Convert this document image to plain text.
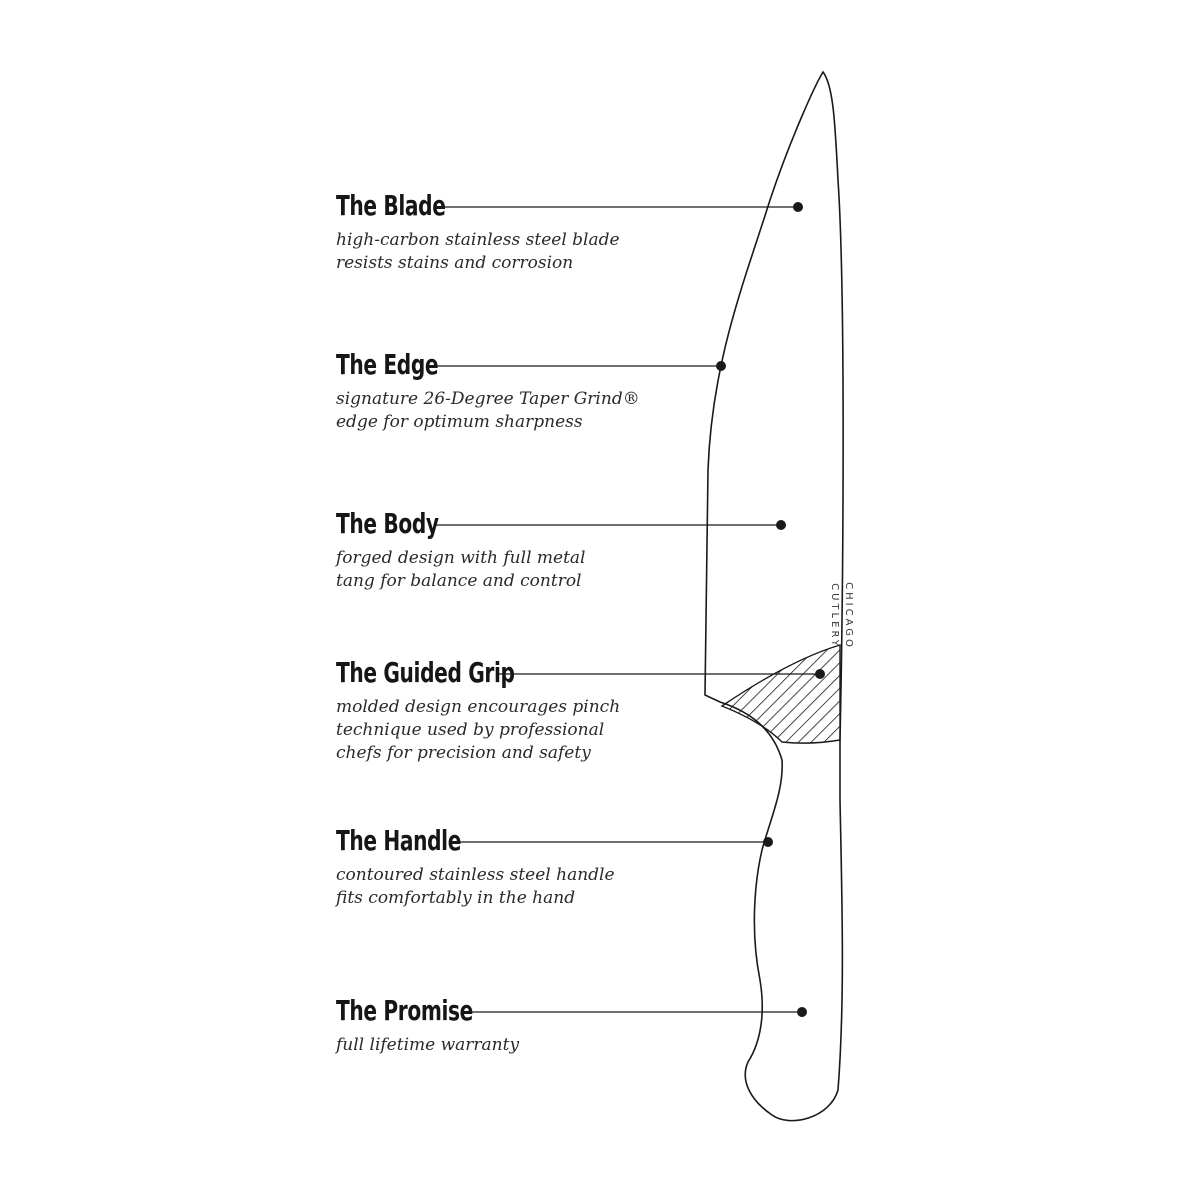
CHICAGO
CUTLERY
The Blade
high-carbon stainless steel blade
resists stains and corrosion
The Edge
signature 26-Degree Taper Grind®
edge for optimum sharpness
The Body
forged design with full metal
tang for balance and control
The Guided Grip
molded design encourages pinch
technique used by professional
chefs for precision and safety
The Handle
contoured stainless steel handle
fits comfortably in the hand
The Promise
full lifetime warranty
